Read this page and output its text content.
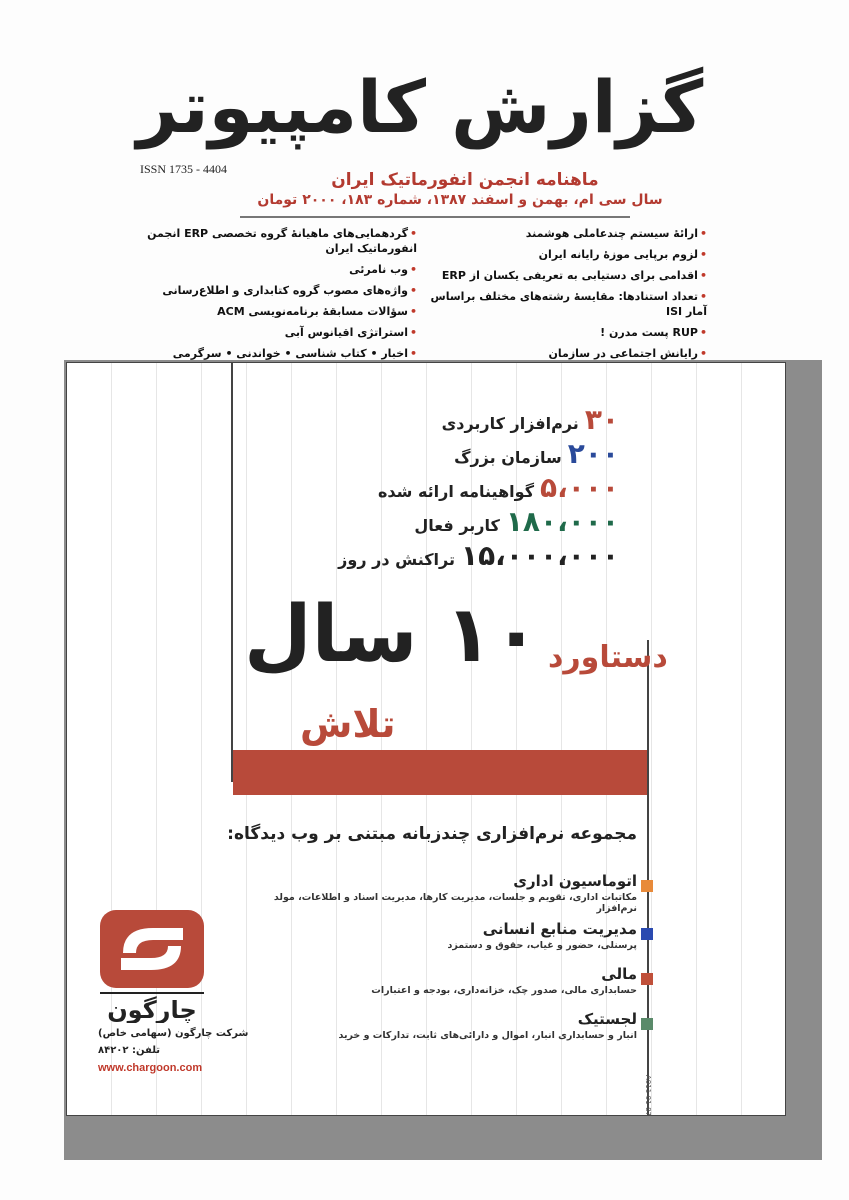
گزارش کامپیوتر
ISSN 1735 - 4404
ماهنامه انجمن انفورماتیک ایران
سال سی ام، بهمن و اسفند ۱۳۸۷، شماره ۱۸۳، ۲۰۰۰ تومان
•ارائهٔ سیستم چندعاملی هوشمند
•لزوم برپایی موزهٔ رایانه ایران
•اقدامی برای دستیابی به تعریفی یکسان از ERP
•تعداد استنادها: مقایسهٔ رشته‌های مختلف براساس آمار ISI
•RUP پست مدرن !
•رایانش اجتماعی در سازمان
•گردهمایی‌های ماهیانهٔ گروه تخصصی ERP انجمن انفورماتیک ایران
•وب نامرئی
•واژه‌های مصوب گروه کتابداری و اطلاع‌رسانی
•سؤالات مسابقهٔ برنامه‌نویسی ACM
•استراتژی اقیانوس آبی
•اخبار • کتاب شناسی • خواندنی • سرگرمی
۳۰نرم‌افزار کاربردی
۲۰۰سازمان بزرگ
۵،۰۰۰گواهینامه ارائه شده
۱۸۰،۰۰۰کاربر فعال
۱۵،۰۰۰،۰۰۰تراکنش در روز
۱۰ سال دستاورد
تلاش
مجموعه نرم‌افزاری چندزبانه مبتنی بر وب دیدگاه:
اتوماسیون اداری
مکاتبات اداری، تقویم و جلسات، مدیریت کارها، مدیریت اسناد و اطلاعات، مولد نرم‌افزار
مدیریت منابع انسانی
پرسنلی، حضور و غیاب، حقوق و دستمزد
مالی
حسابداری مالی، صدور چک، خزانه‌داری، بودجه و اعتبارات
لجستیک
انبار و حسابداری انبار، اموال و دارائی‌های ثابت، تدارکات و خرید
چارگون
شرکت چارگون (سهامی خاص)
تلفن: ۸۴۲۰۲
www.chargoon.com
A011-01-87
